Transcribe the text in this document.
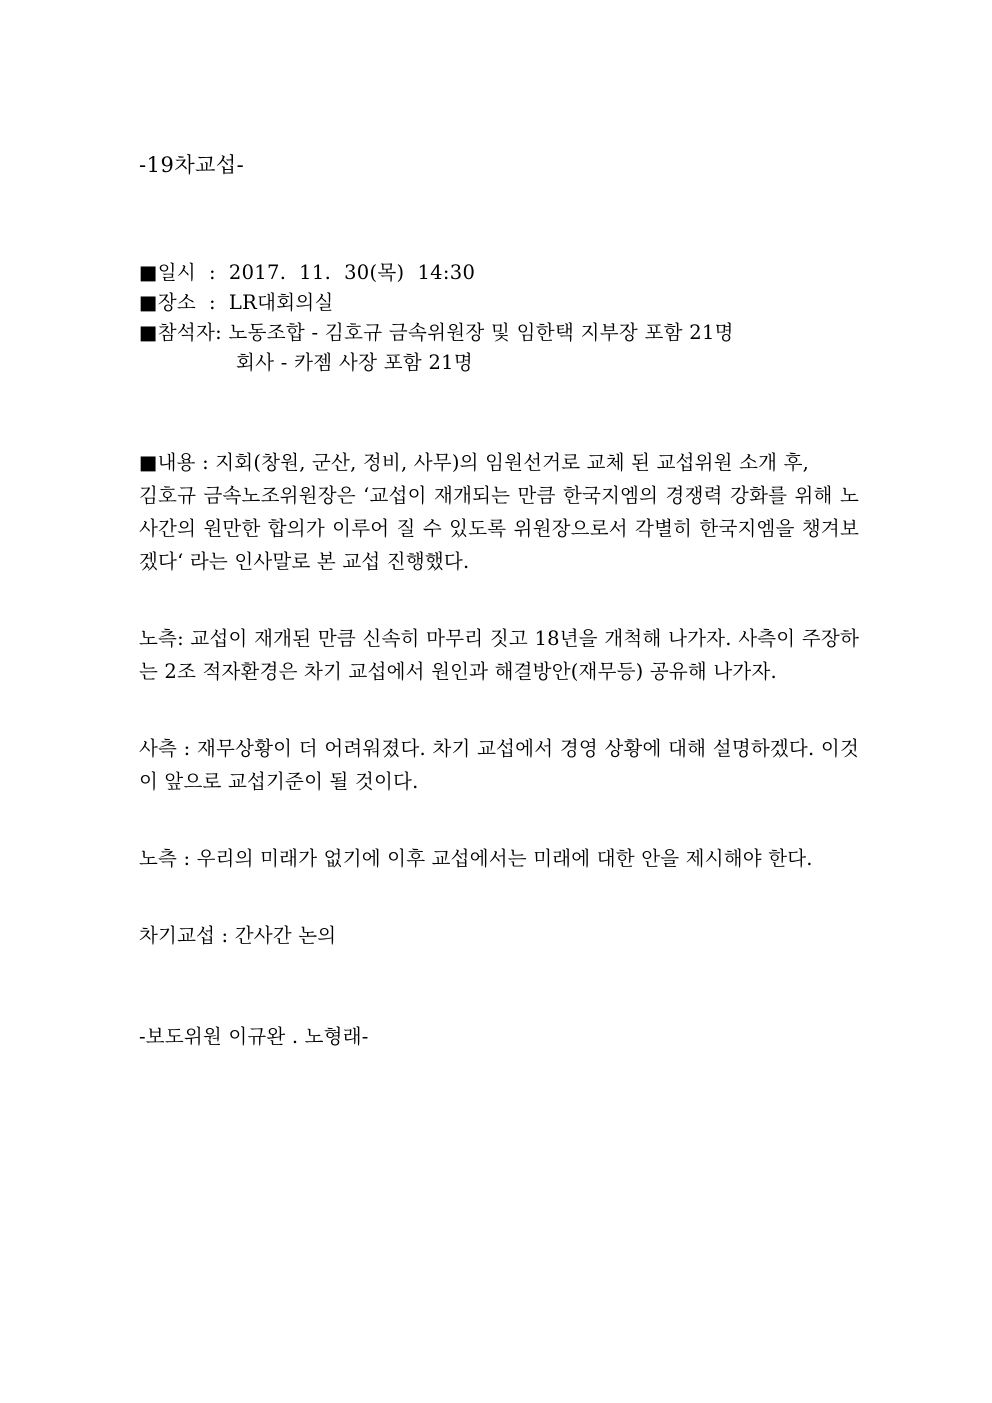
-19차교섭-
■일시  :  2017.  11.  30(목)  14:30
■장소  :  LR대회의실
■참석자: 노동조합 - 김호규 금속위원장 및 임한택 지부장 포함 21명
회사 - 카젬 사장 포함 21명

■내용 : 지회(창원, 군산, 정비, 사무)의 임원선거로 교체 된 교섭위원 소개 후,

김호규 금속노조위원장은 ‘교섭이 재개되는 만큼 한국지엠의 경쟁력 강화를 위해 노사간의 원만한 합의가 이루어 질 수 있도록 위원장으로서 각별히 한국지엠을 챙겨보겠다‘ 라는 인사말로 본 교섭 진행했다.

노측: 교섭이 재개된 만큼 신속히 마무리 짓고 18년을 개척해 나가자. 사측이 주장하는 2조 적자환경은 차기 교섭에서 원인과 해결방안(재무등) 공유해 나가자.

사측 : 재무상황이 더 어려워졌다. 차기 교섭에서 경영 상황에 대해 설명하겠다. 이것이 앞으로 교섭기준이 될 것이다.

노측 : 우리의 미래가 없기에 이후 교섭에서는 미래에 대한 안을 제시해야 한다.

차기교섭 : 간사간 논의

-보도위원 이규완 . 노형래-
